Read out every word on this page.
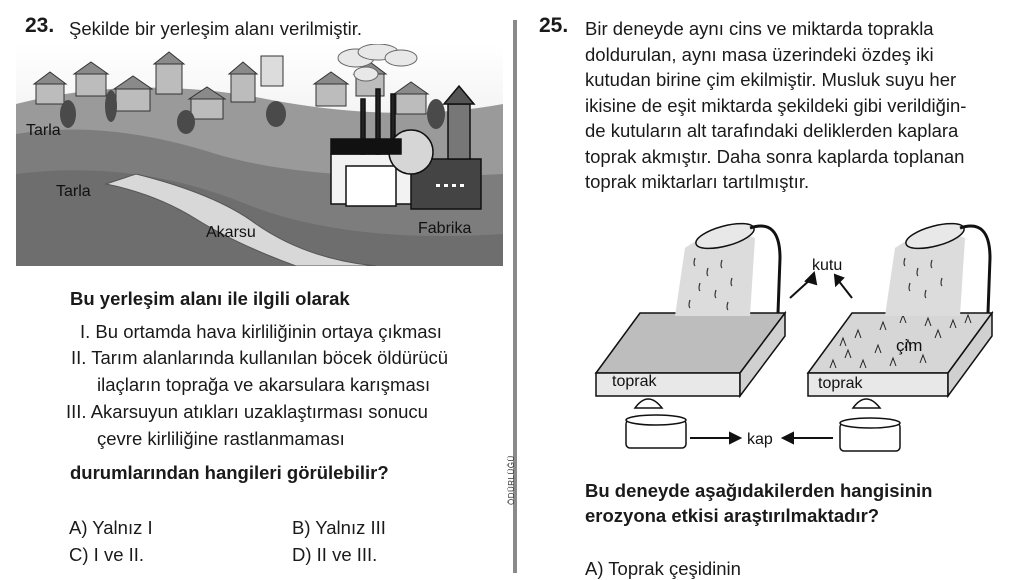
23. Şekilde bir yerleşim alanı verilmiştir.
Tarla
Tarla
Akarsu	Fabrika
Bu yerleşim alanı ile ilgili olarak
I. Bu ortamda hava kirliliğinin ortaya çıkması
II. Tarım alanlarında kullanılan böcek öldürücü
ilaçların toprağa ve akarsulara karışması
III. Akarsuyun atıkları uzaklaştırması sonucu
çevre kirliliğine rastlanmaması
durumlarından hangileri görülebilir?
A) Yalnız I	B) Yalnız III
C) I ve II.	D) II ve III.
ÖDÜRLÜĞÜ
25. Bir deneyde aynı cins ve miktarda toprakla
doldurulan, aynı masa üzerindeki özdeş iki
kutudan birine çim ekilmiştir. Musluk suyu her
ikisine de eşit miktarda şekildeki gibi verildiğin-
de kutuların alt tarafındaki deliklerden kaplara
toprak akmıştır. Daha sonra kaplarda toplanan
toprak miktarları tartılmıştır.
kutu
toprak	toprak
çim
kap
Bu deneyde aşağıdakilerden hangisinin
erozyona etkisi araştırılmaktadır?
A) Toprak çeşidinin
